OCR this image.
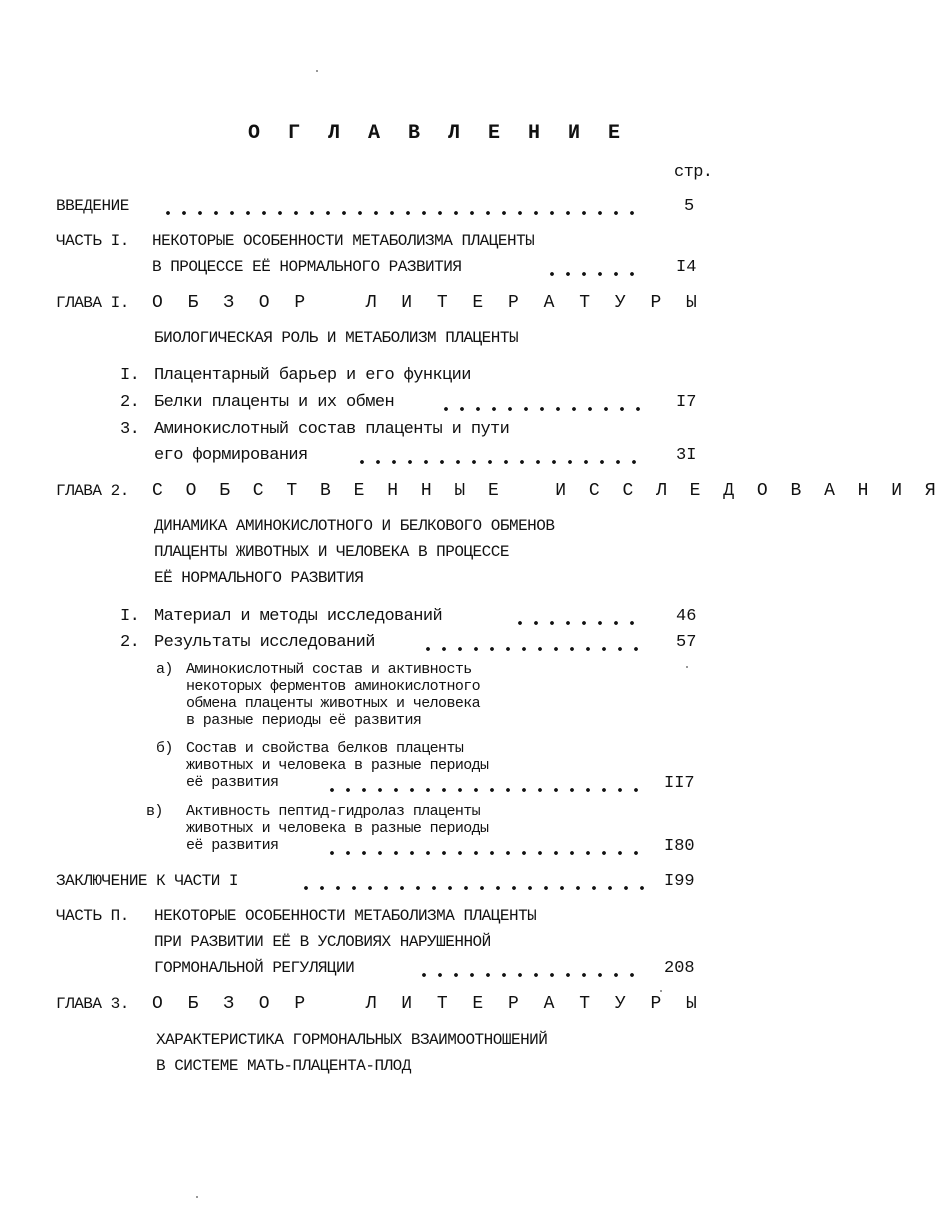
О Г Л А В Л Е Н И Е
стр.
ВВЕДЕНИЕ	5
ЧАСТЬ I. НЕКОТОРЫЕ ОСОБЕННОСТИ МЕТАБОЛИЗМА ПЛАЦЕНТЫ
В ПРОЦЕССЕ ЕЁ НОРМАЛЬНОГО РАЗВИТИЯ	I4
ГЛАВА I. О Б З О Р   Л И Т Е Р А Т У Р Ы
БИОЛОГИЧЕСКАЯ РОЛЬ И МЕТАБОЛИЗМ ПЛАЦЕНТЫ
I. Плацентарный барьер и его функции
2. Белки плаценты и их обмен	I7
3. Аминокислотный состав плаценты и пути
его формирования	3I
ГЛАВА 2. С О Б С Т В Е Н Н Ы Е   И С С Л Е Д О В А Н И Я
ДИНАМИКА АМИНОКИСЛОТНОГО И БЕЛКОВОГО ОБМЕНОВ
ПЛАЦЕНТЫ ЖИВОТНЫХ И ЧЕЛОВЕКА В ПРОЦЕССЕ
ЕЁ НОРМАЛЬНОГО РАЗВИТИЯ
I. Материал и методы исследований	46
2. Результаты исследований	57
а) Аминокислотный состав и активность
некоторых ферментов аминокислотного
обмена плаценты животных и человека
в разные периоды её развития
б) Состав и свойства белков плаценты
животных и человека в разные периоды
её развития	II7
в) Активность пептид-гидролаз плаценты
животных и человека в разные периоды
её развития	I80
ЗАКЛЮЧЕНИЕ К ЧАСТИ I	I99
ЧАСТЬ П. НЕКОТОРЫЕ ОСОБЕННОСТИ МЕТАБОЛИЗМА ПЛАЦЕНТЫ
ПРИ РАЗВИТИИ ЕЁ В УСЛОВИЯХ НАРУШЕННОЙ
ГОРМОНАЛЬНОЙ РЕГУЛЯЦИИ	208
ГЛАВА 3. О Б З О Р   Л И Т Е Р А Т У Р Ы
ХАРАКТЕРИСТИКА ГОРМОНАЛЬНЫХ ВЗАИМООТНОШЕНИЙ
В СИСТЕМЕ МАТЬ-ПЛАЦЕНТА-ПЛОД
